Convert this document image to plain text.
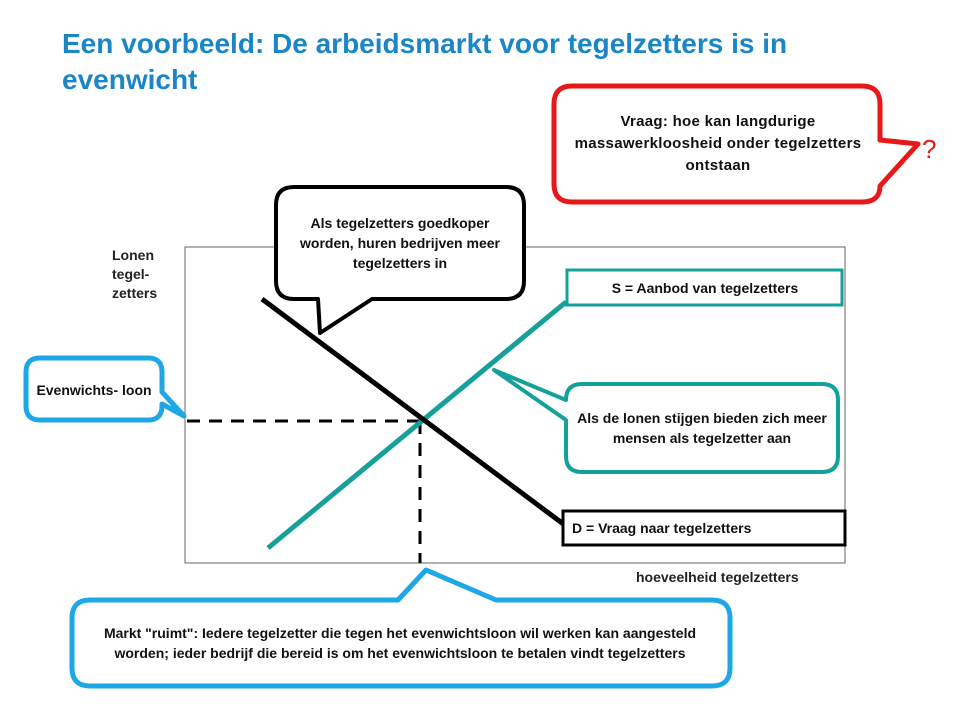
Een voorbeeld: De arbeidsmarkt voor tegelzetters is in evenwicht
Lonen tegel- zetters
hoeveelheid tegelzetters
?
Vraag: hoe kan langdurige massawerkloosheid onder tegelzetters ontstaan
Als tegelzetters goedkoper worden, huren bedrijven meer tegelzetters in
Evenwichts- loon
Als de lonen stijgen bieden zich meer mensen als tegelzetter aan
Markt "ruimt": Iedere tegelzetter die tegen het evenwichtsloon wil werken kan aangesteld worden; ieder bedrijf die bereid is om het evenwichtsloon te betalen vindt tegelzetters
S = Aanbod van tegelzetters
D = Vraag naar tegelzetters
